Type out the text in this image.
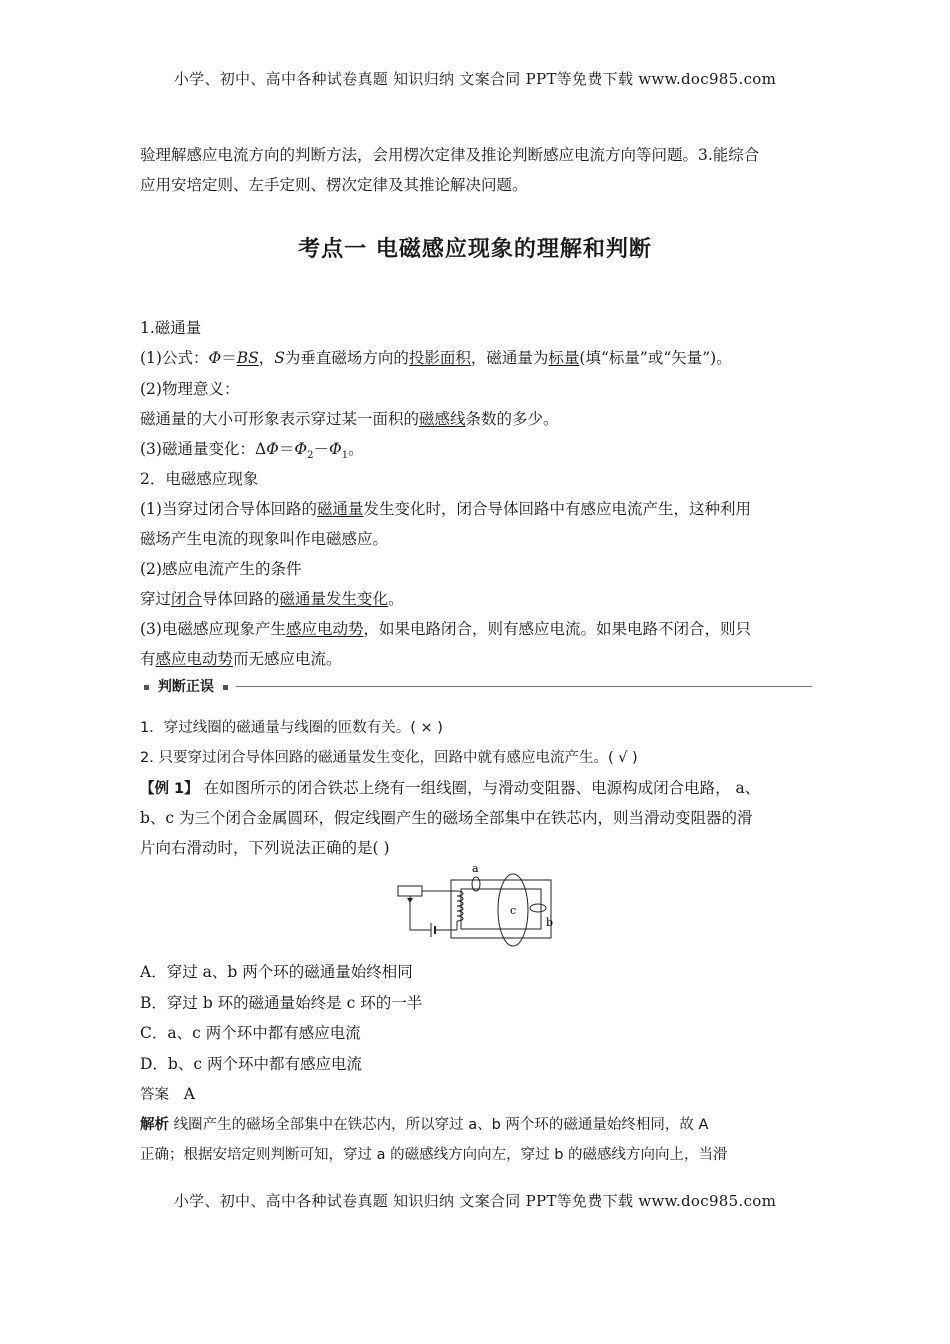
小学、初中、高中各种试卷真题 知识归纳 文案合同 PPT等免费下载 www.doc985.com
验理解感应电流方向的判断方法，会用楞次定律及推论判断感应电流方向等问题。3.能综合
应用安培定则、左手定则、楞次定律及其推论解决问题。
考点一 电磁感应现象的理解和判断
1.磁通量
(1)公式：Φ＝BS，S为垂直磁场方向的投影面积，磁通量为标量(填“标量”或“矢量”)。
(2)物理意义：
磁通量的大小可形象表示穿过某一面积的磁感线条数的多少。
(3)磁通量变化：$\Delta\Phi=\Phi_2-\Phi_1$。
2．电磁感应现象
(1)当穿过闭合导体回路的磁通量发生变化时，闭合导体回路中有感应电流产生，这种利用
磁场产生电流的现象叫作电磁感应。
(2)感应电流产生的条件
穿过闭合导体回路的磁通量发生变化。
(3)电磁感应现象产生感应电动势，如果电路闭合，则有感应电流。如果电路不闭合，则只
有感应电动势而无感应电流。
判断正误
1．穿过线圈的磁通量与线圈的匝数有关。( × )
2. 只要穿过闭合导体回路的磁通量发生变化，回路中就有感应电流产生。( √ )
【例 1】 在如图所示的闭合铁芯上绕有一组线圈，与滑动变阻器、电源构成闭合电路， a、
b、c 为三个闭合金属圆环，假定线圈产生的磁场全部集中在铁芯内，则当滑动变阻器的滑
片向右滑动时，下列说法正确的是( )
a
c
b
A．穿过 a、b 两个环的磁通量始终相同
B．穿过 b 环的磁通量始终是 c 环的一半
C．a、c 两个环中都有感应电流
D．b、c 两个环中都有感应电流
答案 A
解析 线圈产生的磁场全部集中在铁芯内，所以穿过 a、b 两个环的磁通量始终相同，故 A
正确；根据安培定则判断可知，穿过 a 的磁感线方向向左，穿过 b 的磁感线方向向上，当滑
小学、初中、高中各种试卷真题 知识归纳 文案合同 PPT等免费下载 www.doc985.com
